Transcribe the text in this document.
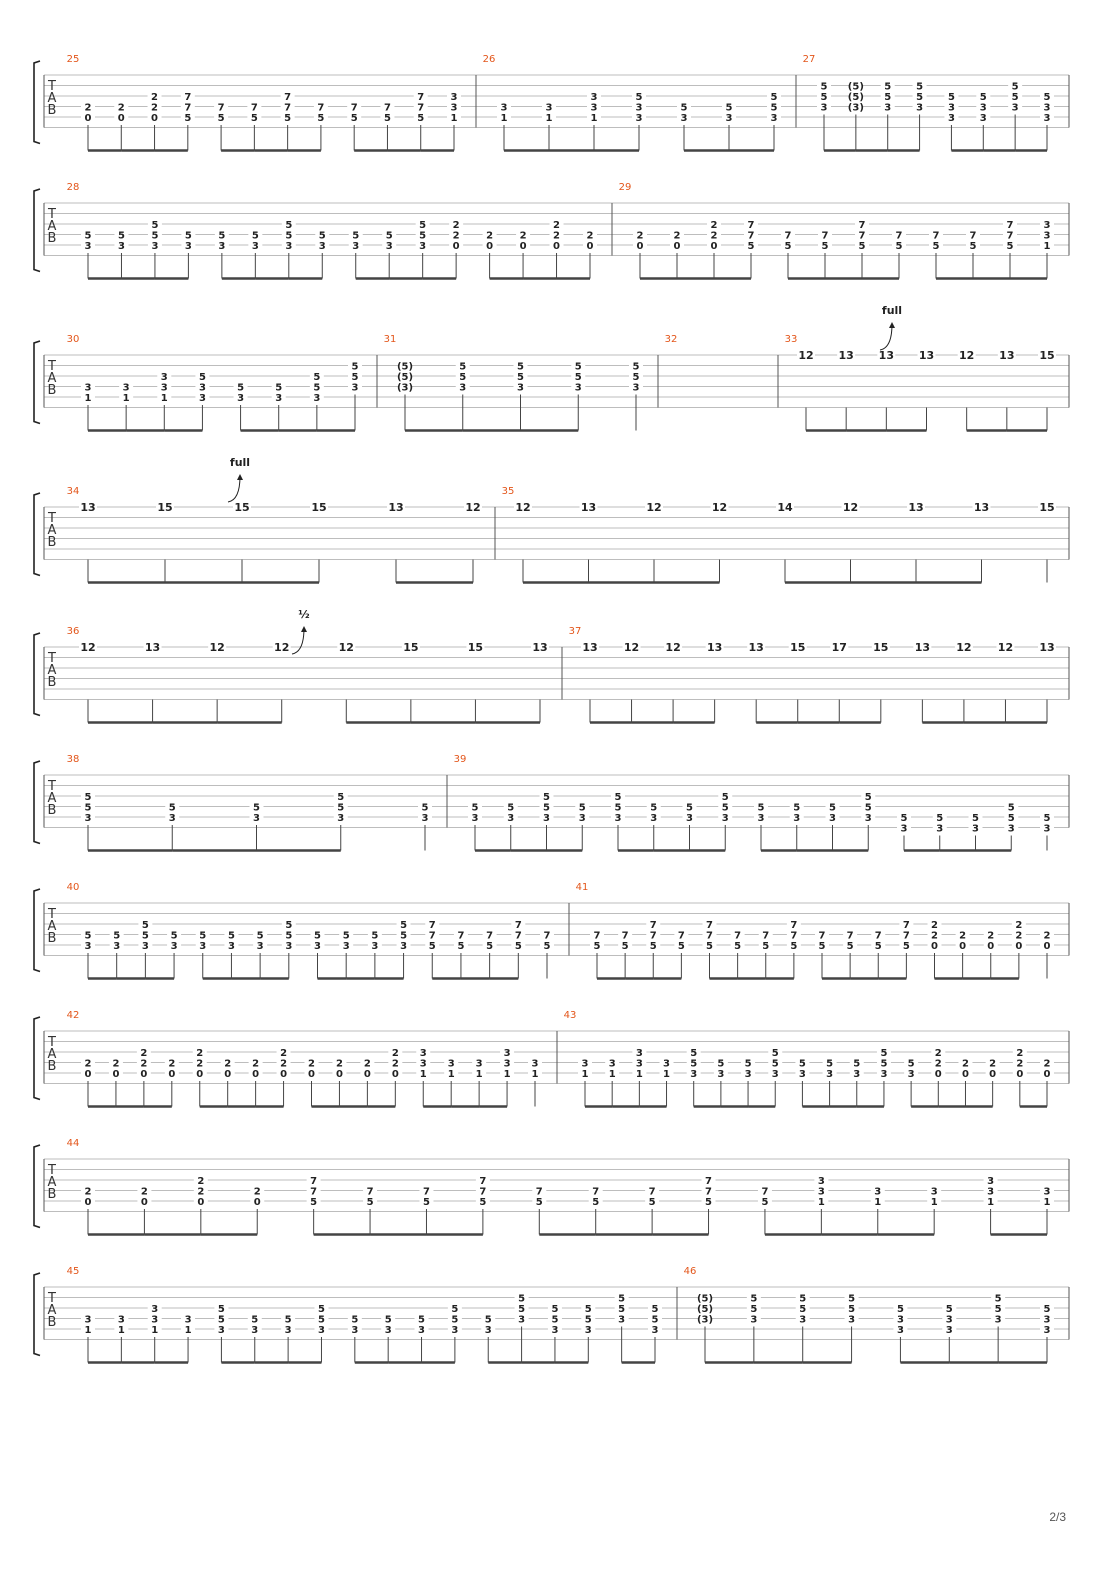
T
A
B
25
2
0
2
0
2
2
0
7
7
5
7
5
7
5
7
7
5
7
5
7
5
7
5
7
7
5
3
3
1
26
3
1
3
1
3
3
1
5
3
3
5
3
5
3
5
5
3
27
5
5
3
(5)
(5)
(3)
5
5
3
5
5
3
5
3
3
5
3
3
5
5
3
5
3
3
T
A
B
28
5
3
5
3
5
5
3
5
3
5
3
5
3
5
5
3
5
3
5
3
5
3
5
5
3
2
2
0
2
0
2
0
2
2
0
2
0
29
2
0
2
0
2
2
0
7
7
5
7
5
7
5
7
7
5
7
5
7
5
7
5
7
7
5
3
3
1
T
A
B
30
3
1
3
1
3
3
1
5
3
3
5
3
5
3
5
5
3
5
5
3
31
(5)
(5)
(3)
5
5
3
5
5
3
5
5
3
5
5
3
32	33
12 13 13 13 12 13 15
T
A
B
34
13	15	15	15	13	12
35
12	13	12	12	14	12	13	13	15
T
A
B
36
12	13	12	12	12	15	15	13
37
13 12 12 13 13 15 17 15 13 12 12 13
T
A
B
38
5
5
3
5
3
5
3
5
5
3
5
3
39
5
3
5
3
5
5
3
5
3
5
5
3
5
3
5
3
5
5
3
5
3
5
3
5
3
5
5
3	5
3
5
3
5
3
5
5
3
5
3
T
A
B
40
5
3
5
3
5
5
3
5
3
5
3
5
3
5
3
5
5
3
5
3
5
3
5
3
5
5
3
7
7
5
7
5
7
5
7
7
5
7
5
41
7
5
7
5
7
7
5
7
5
7
7
5
7
5
7
5
7
7
5
7
5
7
5
7
5
7
7
5
2
2
0
2
0
2
0
2
2
0
2
0
T
A
B
42
2
0
2
0
2
2
0
2
0
2
2
0
2
0
2
0
2
2
0
2
0
2
0
2
0
2
2
0
3
3
1
3
1
3
1
3
3
1
3
1
43
3
1
3
1
3
3
1
3
1
5
5
3
5
3
5
3
5
5
3
5
3
5
3
5
3
5
5
3
5
3
2
2
0
2
0
2
0
2
2
0
2
0
T
A
B
44
2
0
2
0
2
2
0
2
0
7
7
5
7
5
7
5
7
7
5
7
5
7
5
7
5
7
7
5
7
5
3
3
1
3
1
3
1
3
3
1
3
1
T
A
B
45
3
1
3
1
3
3
1
3
1
5
5
3
5
3
5
3
5
5
3
5
3
5
3
5
3
5
5
3
5
3
5
5
3
5
5
3
5
5
3
5
5
3
5
5
3
46
(5)
(5)
(3)
5
5
3
5
5
3
5
5
3
5
3
3
5
3
3
5
5
3
5
3
3
full
full
½
2/3
